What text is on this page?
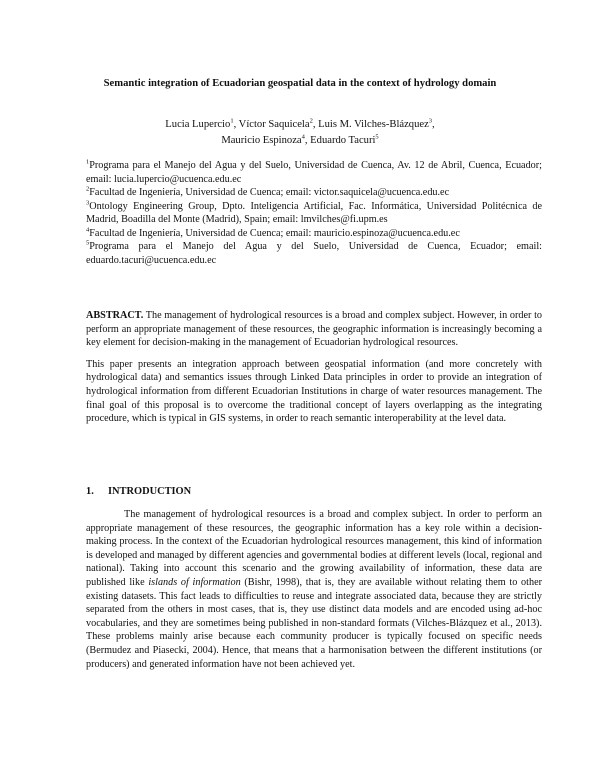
Semantic integration of Ecuadorian geospatial data in the context of hydrology domain
Lucia Lupercio$^1$, Víctor Saquicela$^2$, Luis M. Vilches-Blázquez$^3$,
Mauricio Espinoza$^4$, Eduardo Tacuri$^5$

$^1$Programa para el Manejo del Agua y del Suelo, Universidad de Cuenca, Av. 12 de Abril, Cuenca, Ecuador; email: lucia.lupercio@ucuenca.edu.ec

$^2$Facultad de Ingeniería, Universidad de Cuenca; email: victor.saquicela@ucuenca.edu.ec

$^3$Ontology Engineering Group, Dpto. Inteligencia Artificial, Fac. Informática, Universidad Politécnica de Madrid, Boadilla del Monte (Madrid), Spain; email: lmvilches@fi.upm.es

$^4$Facultad de Ingeniería, Universidad de Cuenca; email: mauricio.espinoza@ucuenca.edu.ec

$^5$Programa para el Manejo del Agua y del Suelo, Universidad de Cuenca, Ecuador; email: eduardo.tacuri@ucuenca.edu.ec

ABSTRACT. The management of hydrological resources is a broad and complex subject. However, in order to perform an appropriate management of these resources, the geographic information is increasingly becoming a key element for decision-making in the management of Ecuadorian hydrological resources.

This paper presents an integration approach between geospatial information (and more concretely with hydrological data) and semantics issues through Linked Data principles in order to provide an integration of hydrological information from different Ecuadorian Institutions in charge of water resources management. The final goal of this proposal is to overcome the traditional concept of layers overlapping as the integrating procedure, which is typical in GIS systems, in order to reach semantic interoperability at the level data.

1. INTRODUCTION

The management of hydrological resources is a broad and complex subject. In order to perform an appropriate management of these resources, the geographic information has a key role within a decision-making process. In the context of the Ecuadorian hydrological resources management, this kind of information is developed and managed by different agencies and governmental bodies at different levels (local, regional and national). Taking into account this scenario and the growing availability of information, these data are published like islands of information (Bishr, 1998), that is, they are available without relating them to other existing datasets. This fact leads to difficulties to reuse and integrate associated data, because they are strictly separated from the others in most cases, that is, they use distinct data models and are encoded using ad-hoc vocabularies, and they are sometimes being published in non-standard formats (Vilches-Blázquez et al., 2013). These problems mainly arise because each community producer is typically focused on specific needs (Bermudez and Piasecki, 2004). Hence, that means that a harmonisation between the different institutions (or producers) and generated information have not been achieved yet.
